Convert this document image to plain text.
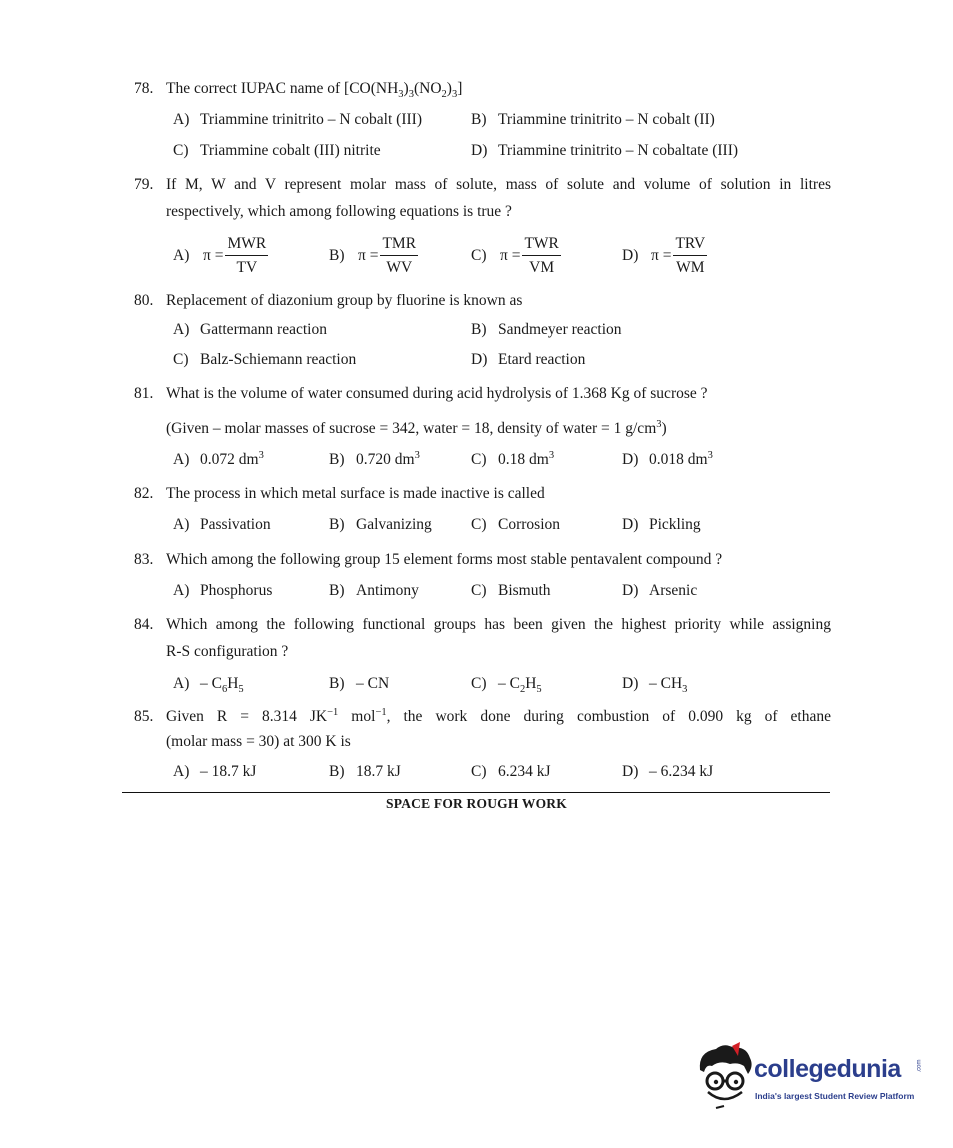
78. The correct IUPAC name of $[CO(NH_3)_3(NO_2)_3]$
A) Triammine trinitrito – N cobalt (III)	B) Triammine trinitrito – N cobalt (II)
C) Triammine cobalt (III) nitrite	D) Triammine trinitrito – N cobaltate (III)
79. If M, W and V represent molar mass of solute, mass of solute and volume of solution in litres
respectively, which among following equations is true ?
A) $\pi = \frac{\text{MWR}}{TV}$	B) $\pi = \frac{\text{TMR}}{WV}$	C) $\pi = \frac{\text{TWR}}{VM}$	D) $\pi = \frac{\text{TRV}}{WM}$
80. Replacement of diazonium group by fluorine is known as
A) Gattermann reaction	B) Sandmeyer reaction
C) Balz-Schiemann reaction	D) Etard reaction
81. What is the volume of water consumed during acid hydrolysis of 1.368 Kg of sucrose ?
(Given – molar masses of sucrose = 342, water = 18, density of water = 1 $g/cm^3$)
A) 0.072 $dm^3$	B) 0.720 $dm^3$	C) 0.18 $dm^3$	D) 0.018 $dm^3$
82. The process in which metal surface is made inactive is called
A) Passivation	B) Galvanizing	C) Corrosion	D) Pickling
83. Which among the following group 15 element forms most stable pentavalent compound ?
A) Phosphorus	B) Antimony	C) Bismuth	D) Arsenic
84. Which among the following functional groups has been given the highest priority while assigning
R-S configuration ?
$A) - C_6H_5$	B) – CN	$C) - C_2H_5$	$D) - CH_3$
85. Given R = 8.314 $JK^{-1}$ mol$^{-1}$, the work done during combustion of 0.090 kg of ethane
(molar mass = 30) at 300 K is
A) – 18.7 kJ	B) 18.7 kJ	C) 6.234 kJ	D) – 6.234 kJ
SPACE FOR ROUGH WORK
collegedunia	.com
India's largest Student Review Platform
